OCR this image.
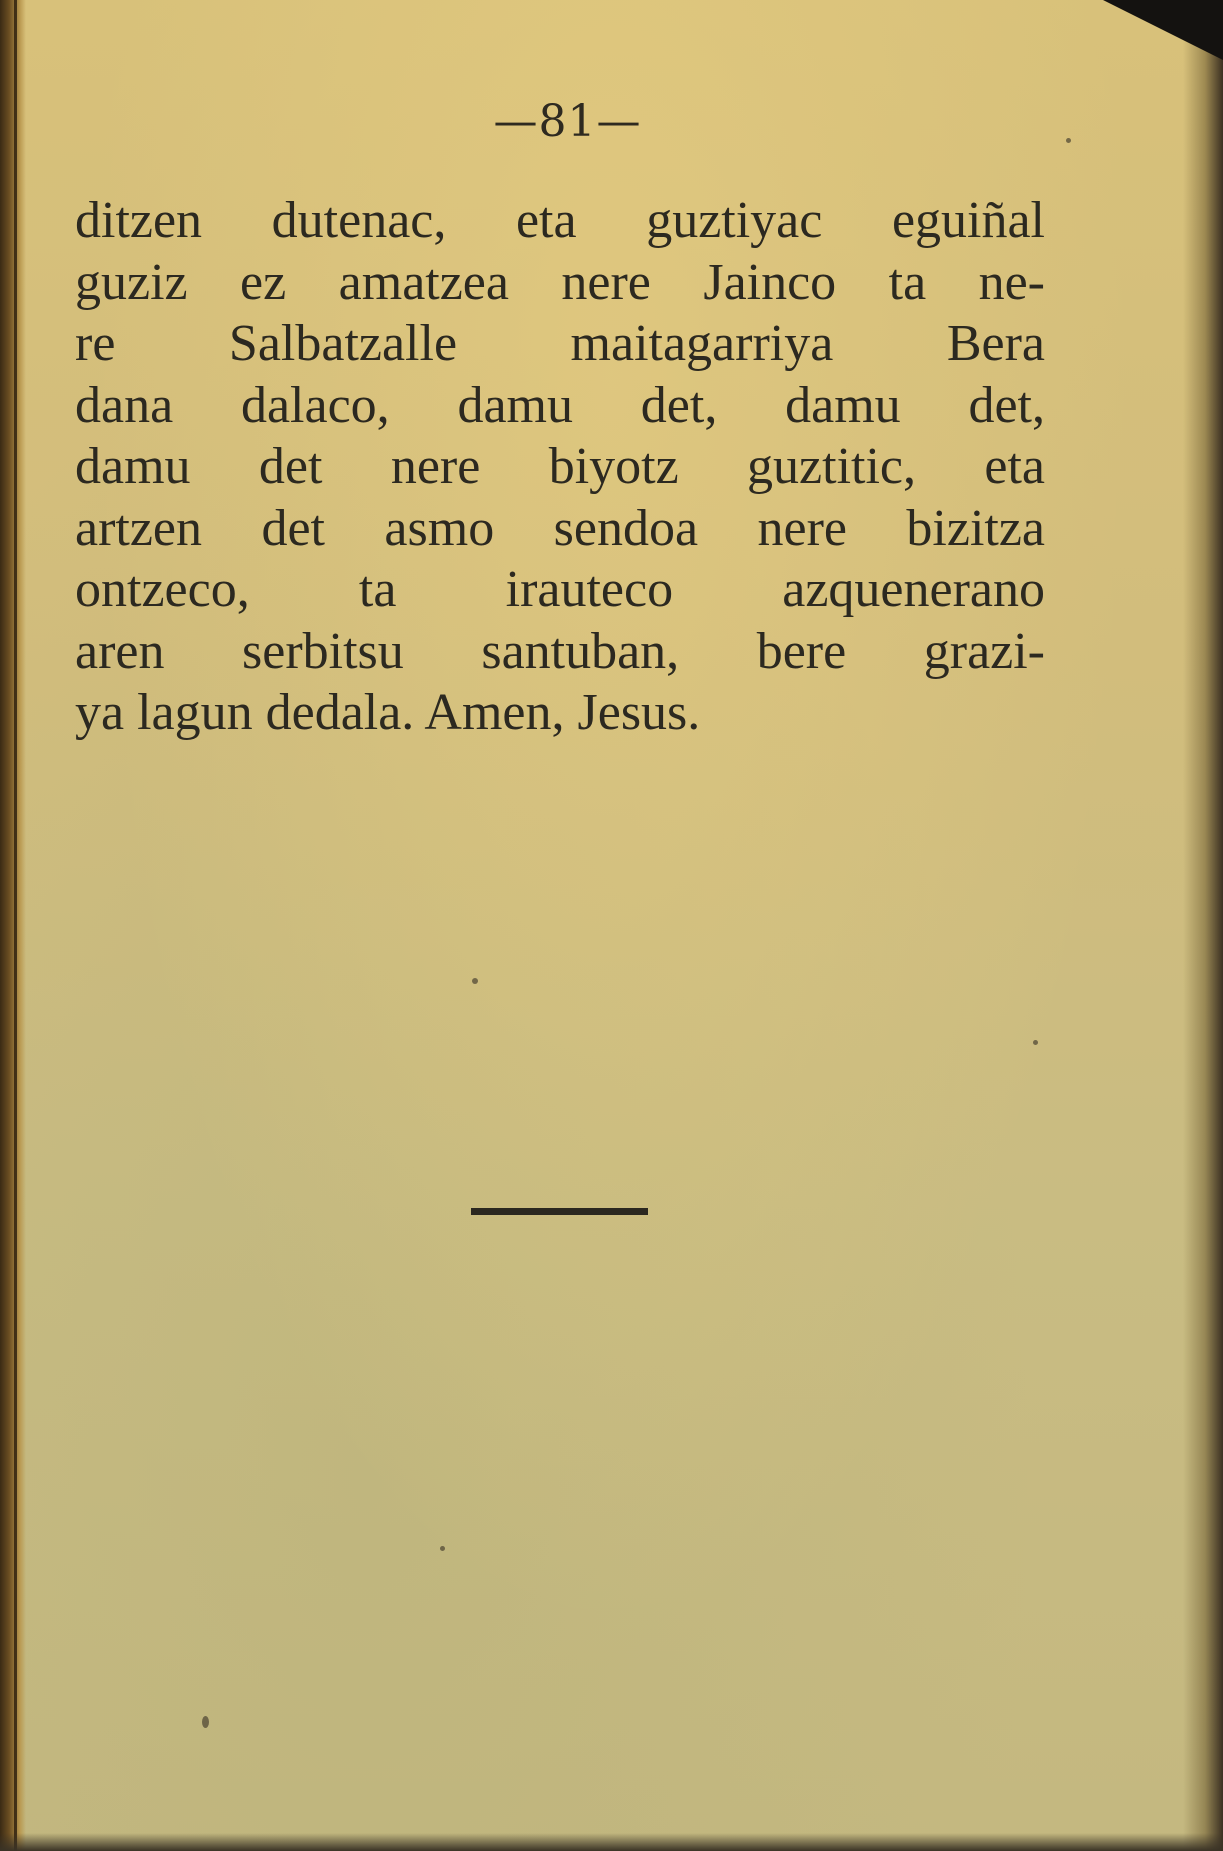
—81—
ditzen dutenac, eta guztiyac eguiñal
guziz ez amatzea nere Jainco ta ne-
re Salbatzalle maitagarriya Bera
dana dalaco, damu det, damu det,
damu det nere biyotz guztitic, eta
artzen det asmo sendoa nere bizitza
ontzeco, ta irauteco azquenerano
aren serbitsu santuban, bere grazi-
ya lagun dedala. Amen, Jesus.
